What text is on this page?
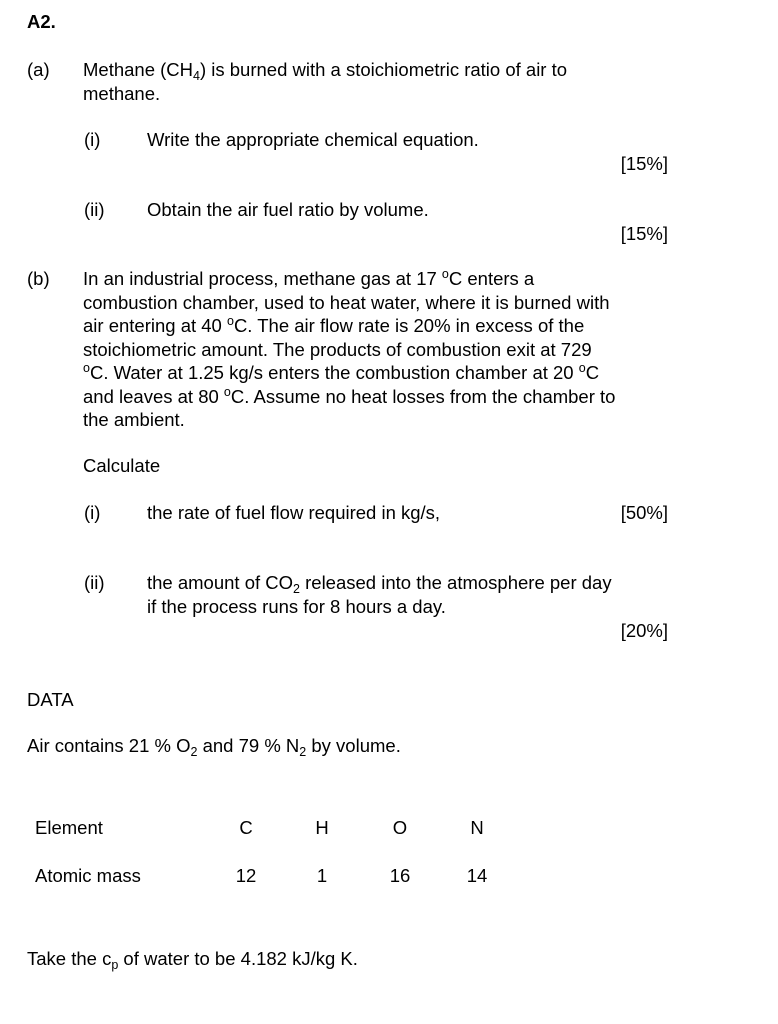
A2.
(a) Methane $(CH_4)$ is burned with a stoichiometric ratio of air to
methane.
(i)	Write the appropriate chemical equation.
[15%]
(ii) Obtain the air fuel ratio by volume.
[15%]
(b) In an industrial process, methane gas at 17 $^o$C enters a
combustion chamber, used to heat water, where it is burned with
air entering at 40 $^o$C. The air flow rate is 20% in excess of the
stoichiometric amount. The products of combustion exit at 729
$^o$C. Water at 1.25 kg/s enters the combustion chamber at 20 $^o$C
and leaves at 80 $^o$C. Assume no heat losses from the chamber to
the ambient.
Calculate
(i)	the rate of fuel flow required in kg/s,	[50%]
(ii) the amount of $CO_2$ released into the atmosphere per day
if the process runs for 8 hours a day.
[20%]
DATA
Air contains 21 % $O_2$ and 79 % $N_2$ by volume.
Element	C	H	O	N
Atomic mass	12	1	16	14
Take the $c_p$ of water to be 4.182 kJ/kg K.
